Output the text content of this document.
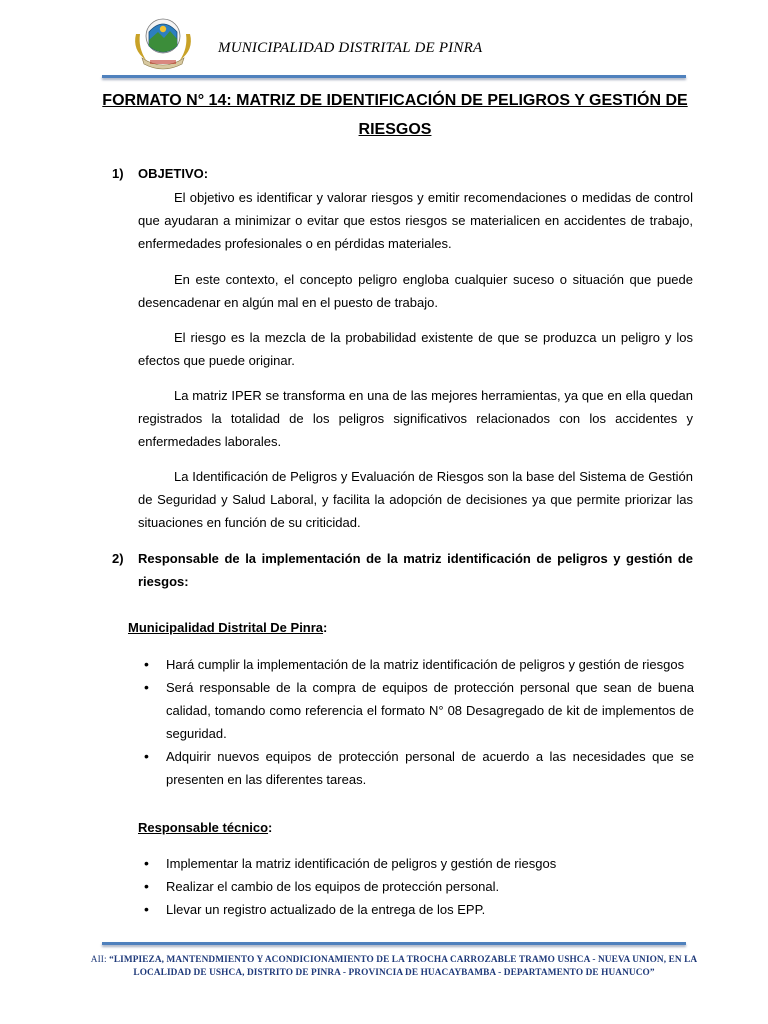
MUNICIPALIDAD DISTRITAL DE PINRA
FORMATO N° 14: MATRIZ DE IDENTIFICACIÓN DE PELIGROS Y GESTIÓN DE RIESGOS
1) OBJETIVO:
El objetivo es identificar y valorar riesgos y emitir recomendaciones o medidas de control que ayudaran a minimizar o evitar que estos riesgos se materialicen en accidentes de trabajo, enfermedades profesionales o en pérdidas materiales.
En este contexto, el concepto peligro engloba cualquier suceso o situación que puede desencadenar en algún mal en el puesto de trabajo.
El riesgo es la mezcla de la probabilidad existente de que se produzca un peligro y los efectos que puede originar.
La matriz IPER se transforma en una de las mejores herramientas, ya que en ella quedan registrados la totalidad de los peligros significativos relacionados con los accidentes y enfermedades laborales.
La Identificación de Peligros y Evaluación de Riesgos son la base del Sistema de Gestión de Seguridad y Salud Laboral, y facilita la adopción de decisiones ya que permite priorizar las situaciones en función de su criticidad.
2) Responsable de la implementación de la matriz identificación de peligros y gestión de riesgos:
Municipalidad Distrital De Pinra:
• Hará cumplir la implementación de la matriz identificación de peligros y gestión de riesgos
• Será responsable de la compra de equipos de protección personal que sean de buena calidad, tomando como referencia el formato N° 08 Desagregado de kit de implementos de seguridad.
• Adquirir nuevos equipos de protección personal de acuerdo a las necesidades que se presenten en las diferentes tareas.
Responsable técnico:
• Implementar la matriz identificación de peligros y gestión de riesgos
• Realizar el cambio de los equipos de protección personal.
• Llevar un registro actualizado de la entrega de los EPP.
AII: “LIMPIEZA, MANTENDMIENTO Y ACONDICIONAMIENTO DE LA TROCHA CARROZABLE TRAMO USHCA - NUEVA UNION, EN LA LOCALIDAD DE USHCA, DISTRITO DE PINRA - PROVINCIA DE HUACAYBAMBA - DEPARTAMENTO DE HUANUCO”
